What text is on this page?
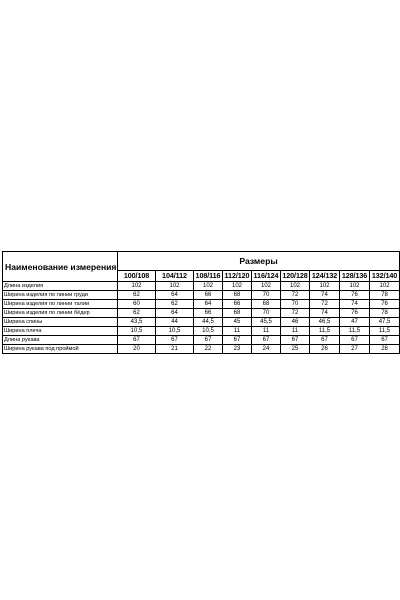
Наименование измерения	Размеры								
	100/108	104/112	108/116	112/120	116/124	120/128	124/132	128/136	132/140
Длина изделия	102	102	102	102	102	102	102	102	102
Ширина изделия по линии груди	62	64	66	68	70	72	74	76	78
Ширина изделия по линии талии	60	62	64	66	68	70	72	74	76
Ширина изделия по линии бёдер	62	64	66	68	70	72	74	76	78
Ширина спины	43,5	44	44,5	45	45,5	46	46,5	47	47,5
Ширина плеча	10,5	10,5	10,5	11	11	11	11,5	11,5	11,5
Длина рукава	67	67	67	67	67	67	67	67	67
Ширина рукава под проймой	20	21	22	23	24	25	26	27	28
